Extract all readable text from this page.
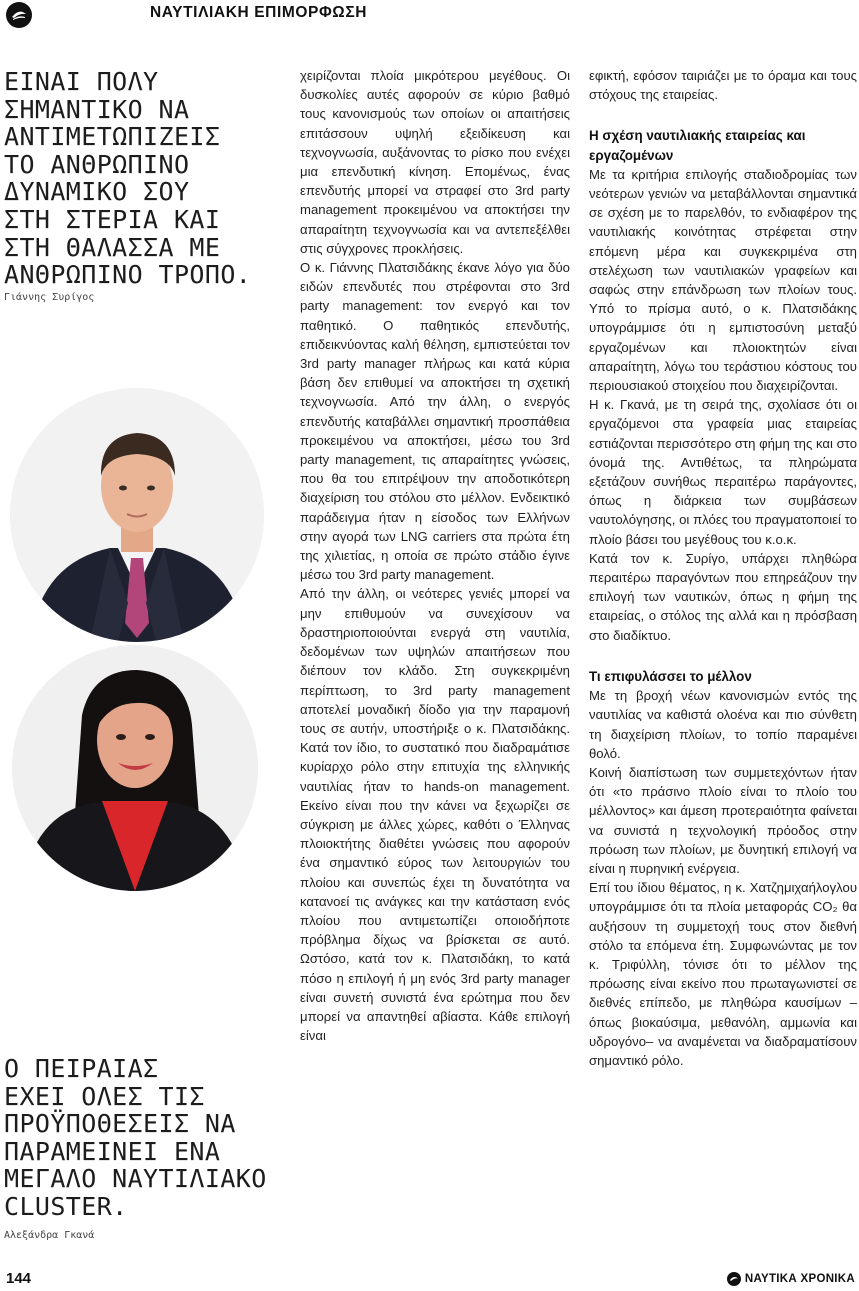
ΝΑΥΤΙΛΙΑΚΗ ΕΠΙΜΟΡΦΩΣΗ

ΕΙΝΑΙ ΠΟΛΥ

ΣΗΜΑΝΤΙΚΟ ΝΑ

ΑΝΤΙΜΕΤΩΠΙΖΕΙΣ

ΤΟ ΑΝΘΡΩΠΙΝΟ

ΔΥΝΑΜΙΚΟ ΣΟΥ

ΣΤΗ ΣΤΕΡΙΑ ΚΑΙ

ΣΤΗ ΘΑΛΑΣΣΑ ΜΕ

ΑΝΘΡΩΠΙΝΟ ΤΡΟΠΟ.

Γιάννης Συρίγος

Ο ΠΕΙΡΑΙΑΣ

ΕΧΕΙ ΟΛΕΣ ΤΙΣ

ΠΡΟΫΠΟΘΕΣΕΙΣ ΝΑ

ΠΑΡΑΜΕΙΝΕΙ ΕΝΑ

ΜΕΓΑΛΟ ΝΑΥΤΙΛΙΑΚΟ

CLUSTER.

Αλεξάνδρα Γκανά

χειρίζονται πλοία μικρότερου μεγέθους. Οι δυσκολίες αυτές αφορούν σε κύριο βαθμό τους κανονισμούς των οποίων οι απαιτήσεις επιτάσσουν υψηλή εξειδίκευση και τεχνογνωσία, αυξάνοντας το ρίσκο που ενέχει μια επενδυτική κίνηση. Επομένως, ένας επενδυτής μπορεί να στραφεί στο 3rd party management προκειμένου να αποκτήσει την απαραίτητη τεχνογνωσία και να αντεπεξέλθει στις σύγχρονες προκλήσεις.

Ο κ. Γιάννης Πλατσιδάκης έκανε λόγο για δύο ειδών επενδυτές που στρέφονται στο 3rd party management: τον ενεργό και τον παθητικό. Ο παθητικός επενδυτής, επιδεικνύοντας καλή θέληση, εμπιστεύεται τον 3rd party manager πλήρως και κατά κύρια βάση δεν επιθυμεί να αποκτήσει τη σχετική τεχνογνωσία. Από την άλλη, ο ενεργός επενδυτής καταβάλλει σημαντική προσπάθεια προκειμένου να αποκτήσει, μέσω του 3rd party management, τις απαραίτητες γνώσεις, που θα του επιτρέψουν την αποδοτικότερη διαχείριση του στόλου στο μέλλον. Ενδεικτικό παράδειγμα ήταν η είσοδος των Ελλήνων στην αγορά των LNG carriers στα πρώτα έτη της χιλιετίας, η οποία σε πρώτο στάδιο έγινε μέσω του 3rd party management.

Από την άλλη, οι νεότερες γενιές μπορεί να μην επιθυμούν να συνεχίσουν να δραστηριοποιούνται ενεργά στη ναυτιλία, δεδομένων των υψηλών απαιτήσεων που διέπουν τον κλάδο. Στη συγκεκριμένη περίπτωση, το 3rd party management αποτελεί μοναδική δίοδο για την παραμονή τους σε αυτήν, υποστήριξε ο κ. Πλατσιδάκης. Κατά τον ίδιο, το συστατικό που διαδραμάτισε κυρίαρχο ρόλο στην επιτυχία της ελληνικής ναυτιλίας ήταν το hands-on management. Εκείνο είναι που την κάνει να ξεχωρίζει σε σύγκριση με άλλες χώρες, καθότι ο Έλληνας πλοιοκτήτης διαθέτει γνώσεις που αφορούν ένα σημαντικό εύρος των λειτουργιών του πλοίου και συνεπώς έχει τη δυνατότητα να κατανοεί τις ανάγκες και την κατάσταση ενός πλοίου που αντιμετωπίζει οποιοδήποτε πρόβλημα δίχως να βρίσκεται σε αυτό. Ωστόσο, κατά τον κ. Πλατσιδάκη, το κατά πόσο η επιλογή ή μη ενός 3rd party manager είναι συνετή συνιστά ένα ερώτημα που δεν μπορεί να απαντηθεί αβίαστα. Κάθε επιλογή είναι

εφικτή, εφόσον ταιριάζει με το όραμα και τους στόχους της εταιρείας.

Η σχέση ναυτιλιακής εταιρείας και εργαζομένων

Με τα κριτήρια επιλογής σταδιοδρομίας των νεότερων γενιών να μεταβάλλονται σημαντικά σε σχέση με το παρελθόν, το ενδιαφέρον της ναυτιλιακής κοινότητας στρέφεται στην επόμενη μέρα και συγκεκριμένα στη στελέχωση των ναυτιλιακών γραφείων και σαφώς στην επάνδρωση των πλοίων τους. Υπό το πρίσμα αυτό, ο κ. Πλατσιδάκης υπογράμμισε ότι η εμπιστοσύνη μεταξύ εργαζομένων και πλοιοκτητών είναι απαραίτητη, λόγω του τεράστιου κόστους του περιουσιακού στοιχείου που διαχειρίζονται.

Η κ. Γκανά, με τη σειρά της, σχολίασε ότι οι εργαζόμενοι στα γραφεία μιας εταιρείας εστιάζονται περισσότερο στη φήμη της και στο όνομά της. Αντιθέτως, τα πληρώματα εξετάζουν συνήθως περαιτέρω παράγοντες, όπως η διάρκεια των συμβάσεων ναυτολόγησης, οι πλόες του πραγματοποιεί το πλοίο βάσει του μεγέθους του κ.ο.κ.

Κατά τον κ. Συρίγο, υπάρχει πληθώρα περαιτέρω παραγόντων που επηρεάζουν την επιλογή των ναυτικών, όπως η φήμη της εταιρείας, ο στόλος της αλλά και η πρόσβαση στο διαδίκτυο.

Τι επιφυλάσσει το μέλλον

Με τη βροχή νέων κανονισμών εντός της ναυτιλίας να καθιστά ολοένα και πιο σύνθετη τη διαχείριση πλοίων, το τοπίο παραμένει θολό.

Κοινή διαπίστωση των συμμετεχόντων ήταν ότι «το πράσινο πλοίο είναι το πλοίο του μέλλοντος» και άμεση προτεραιότητα φαίνεται να συνιστά η τεχνολογική πρόοδος στην πρόωση των πλοίων, με δυνητική επιλογή να είναι η πυρηνική ενέργεια.

Επί του ίδιου θέματος, η κ. Χατζημιχαήλογλου υπογράμμισε ότι τα πλοία μεταφοράς CO₂ θα αυξήσουν τη συμμετοχή τους στον διεθνή στόλο τα επόμενα έτη. Συμφωνώντας με τον κ. Τριφύλλη, τόνισε ότι το μέλλον της πρόωσης είναι εκείνο που πρωταγωνιστεί σε διεθνές επίπεδο, με πληθώρα καυσίμων –όπως βιοκαύσιμα, μεθανόλη, αμμωνία και υδρογόνο– να αναμένεται να διαδραματίσουν σημαντικό ρόλο.

144	ΝΑΥΤΙΚΑ ΧΡΟΝΙΚΑ
